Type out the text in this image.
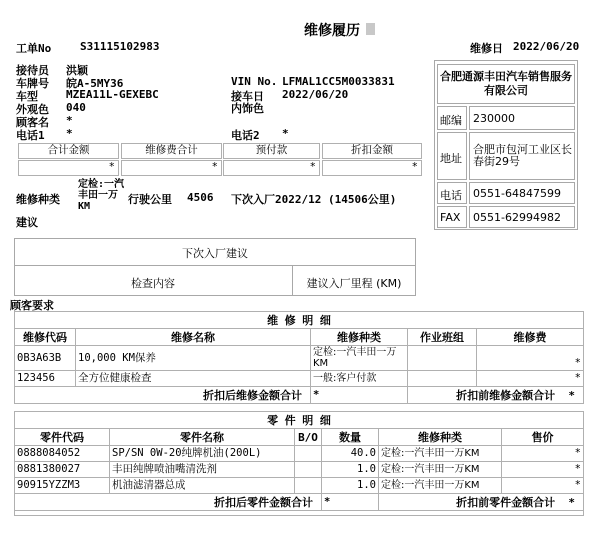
维修履历
工单No	S31115102983	维修日 2022/06/20
接待员 洪颖
车牌号 皖A-5MY36
车型	MZEA11L-GEXEBC
外观色 040
顾客名 *
电话1 *
VIN No. LFMAL1CC5M0033831
接车日 2022/06/20
内饰色
电话2 *
合肥通源丰田汽车销售服务有限公司
邮编	230000
地址
合肥市包河工业区长春街29号
电话	0551-64847599
FAX	0551-62994982
合计金额	维修费合计	预付款	折扣金额
*	*	*	*
维修种类
定检:一汽丰田一万KM
行驶公里 4506 下次入厂2022/12 (14506公里)
建议
下次入厂建议
检查内容	建议入厂里程 (KM)
顾客要求
维 修 明 细				
维修代码	维修名称	维修种类	作业班组	维修费
0B3A63B	10,000 KM保养	定检:一汽丰田一万KM		*
123456	全方位健康检查	一般:客户付款		*
折扣后维修金额合计		*	折扣前维修金额合计 *	
零 件 明 细					
零件代码	零件名称	B/O	数量	维修种类	售价
0888084052	SP/SN 0W-20纯牌机油(200L)		40.0	定检:一汽丰田一万KM	*
0881380027	丰田纯牌喷油嘴清洗剂		1.0	定检:一汽丰田一万KM	*
90915YZZM3	机油滤清器总成		1.0	定检:一汽丰田一万KM	*
折扣后零件金额合计			*	折扣前零件金额合计 *	
